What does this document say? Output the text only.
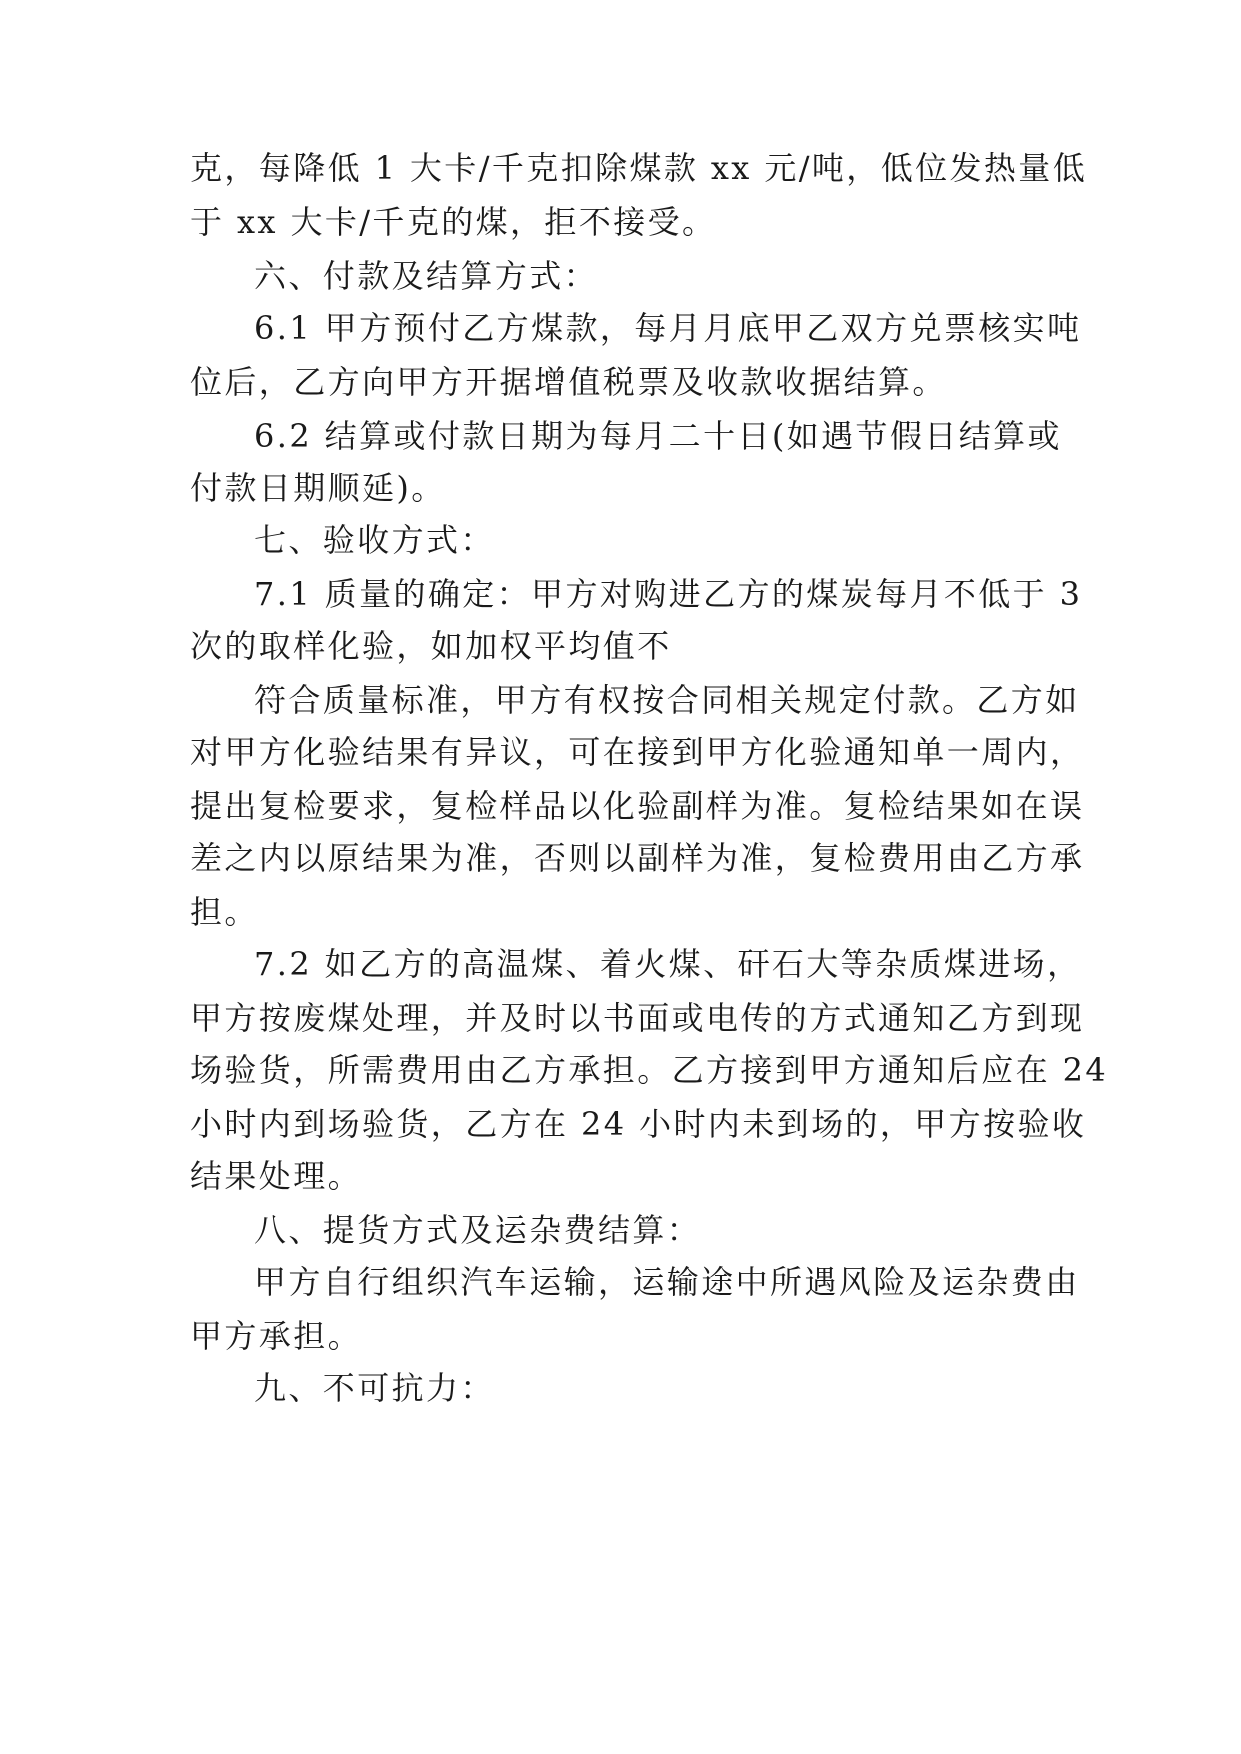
克，每降低 1 大卡/千克扣除煤款 xx 元/吨，低位发热量低

于 xx 大卡/千克的煤，拒不接受。

六、付款及结算方式：

6.1 甲方预付乙方煤款，每月月底甲乙双方兑票核实吨

位后，乙方向甲方开据增值税票及收款收据结算。

6.2 结算或付款日期为每月二十日(如遇节假日结算或

付款日期顺延)。

七、验收方式：

7.1 质量的确定：甲方对购进乙方的煤炭每月不低于 3

次的取样化验，如加权平均值不

符合质量标准，甲方有权按合同相关规定付款。乙方如

对甲方化验结果有异议，可在接到甲方化验通知单一周内，

提出复检要求，复检样品以化验副样为准。复检结果如在误

差之内以原结果为准，否则以副样为准，复检费用由乙方承

担。

7.2 如乙方的高温煤、着火煤、矸石大等杂质煤进场，

甲方按废煤处理，并及时以书面或电传的方式通知乙方到现

场验货，所需费用由乙方承担。乙方接到甲方通知后应在 24

小时内到场验货，乙方在 24 小时内未到场的，甲方按验收

结果处理。

八、提货方式及运杂费结算：

甲方自行组织汽车运输，运输途中所遇风险及运杂费由

甲方承担。

九、不可抗力：
